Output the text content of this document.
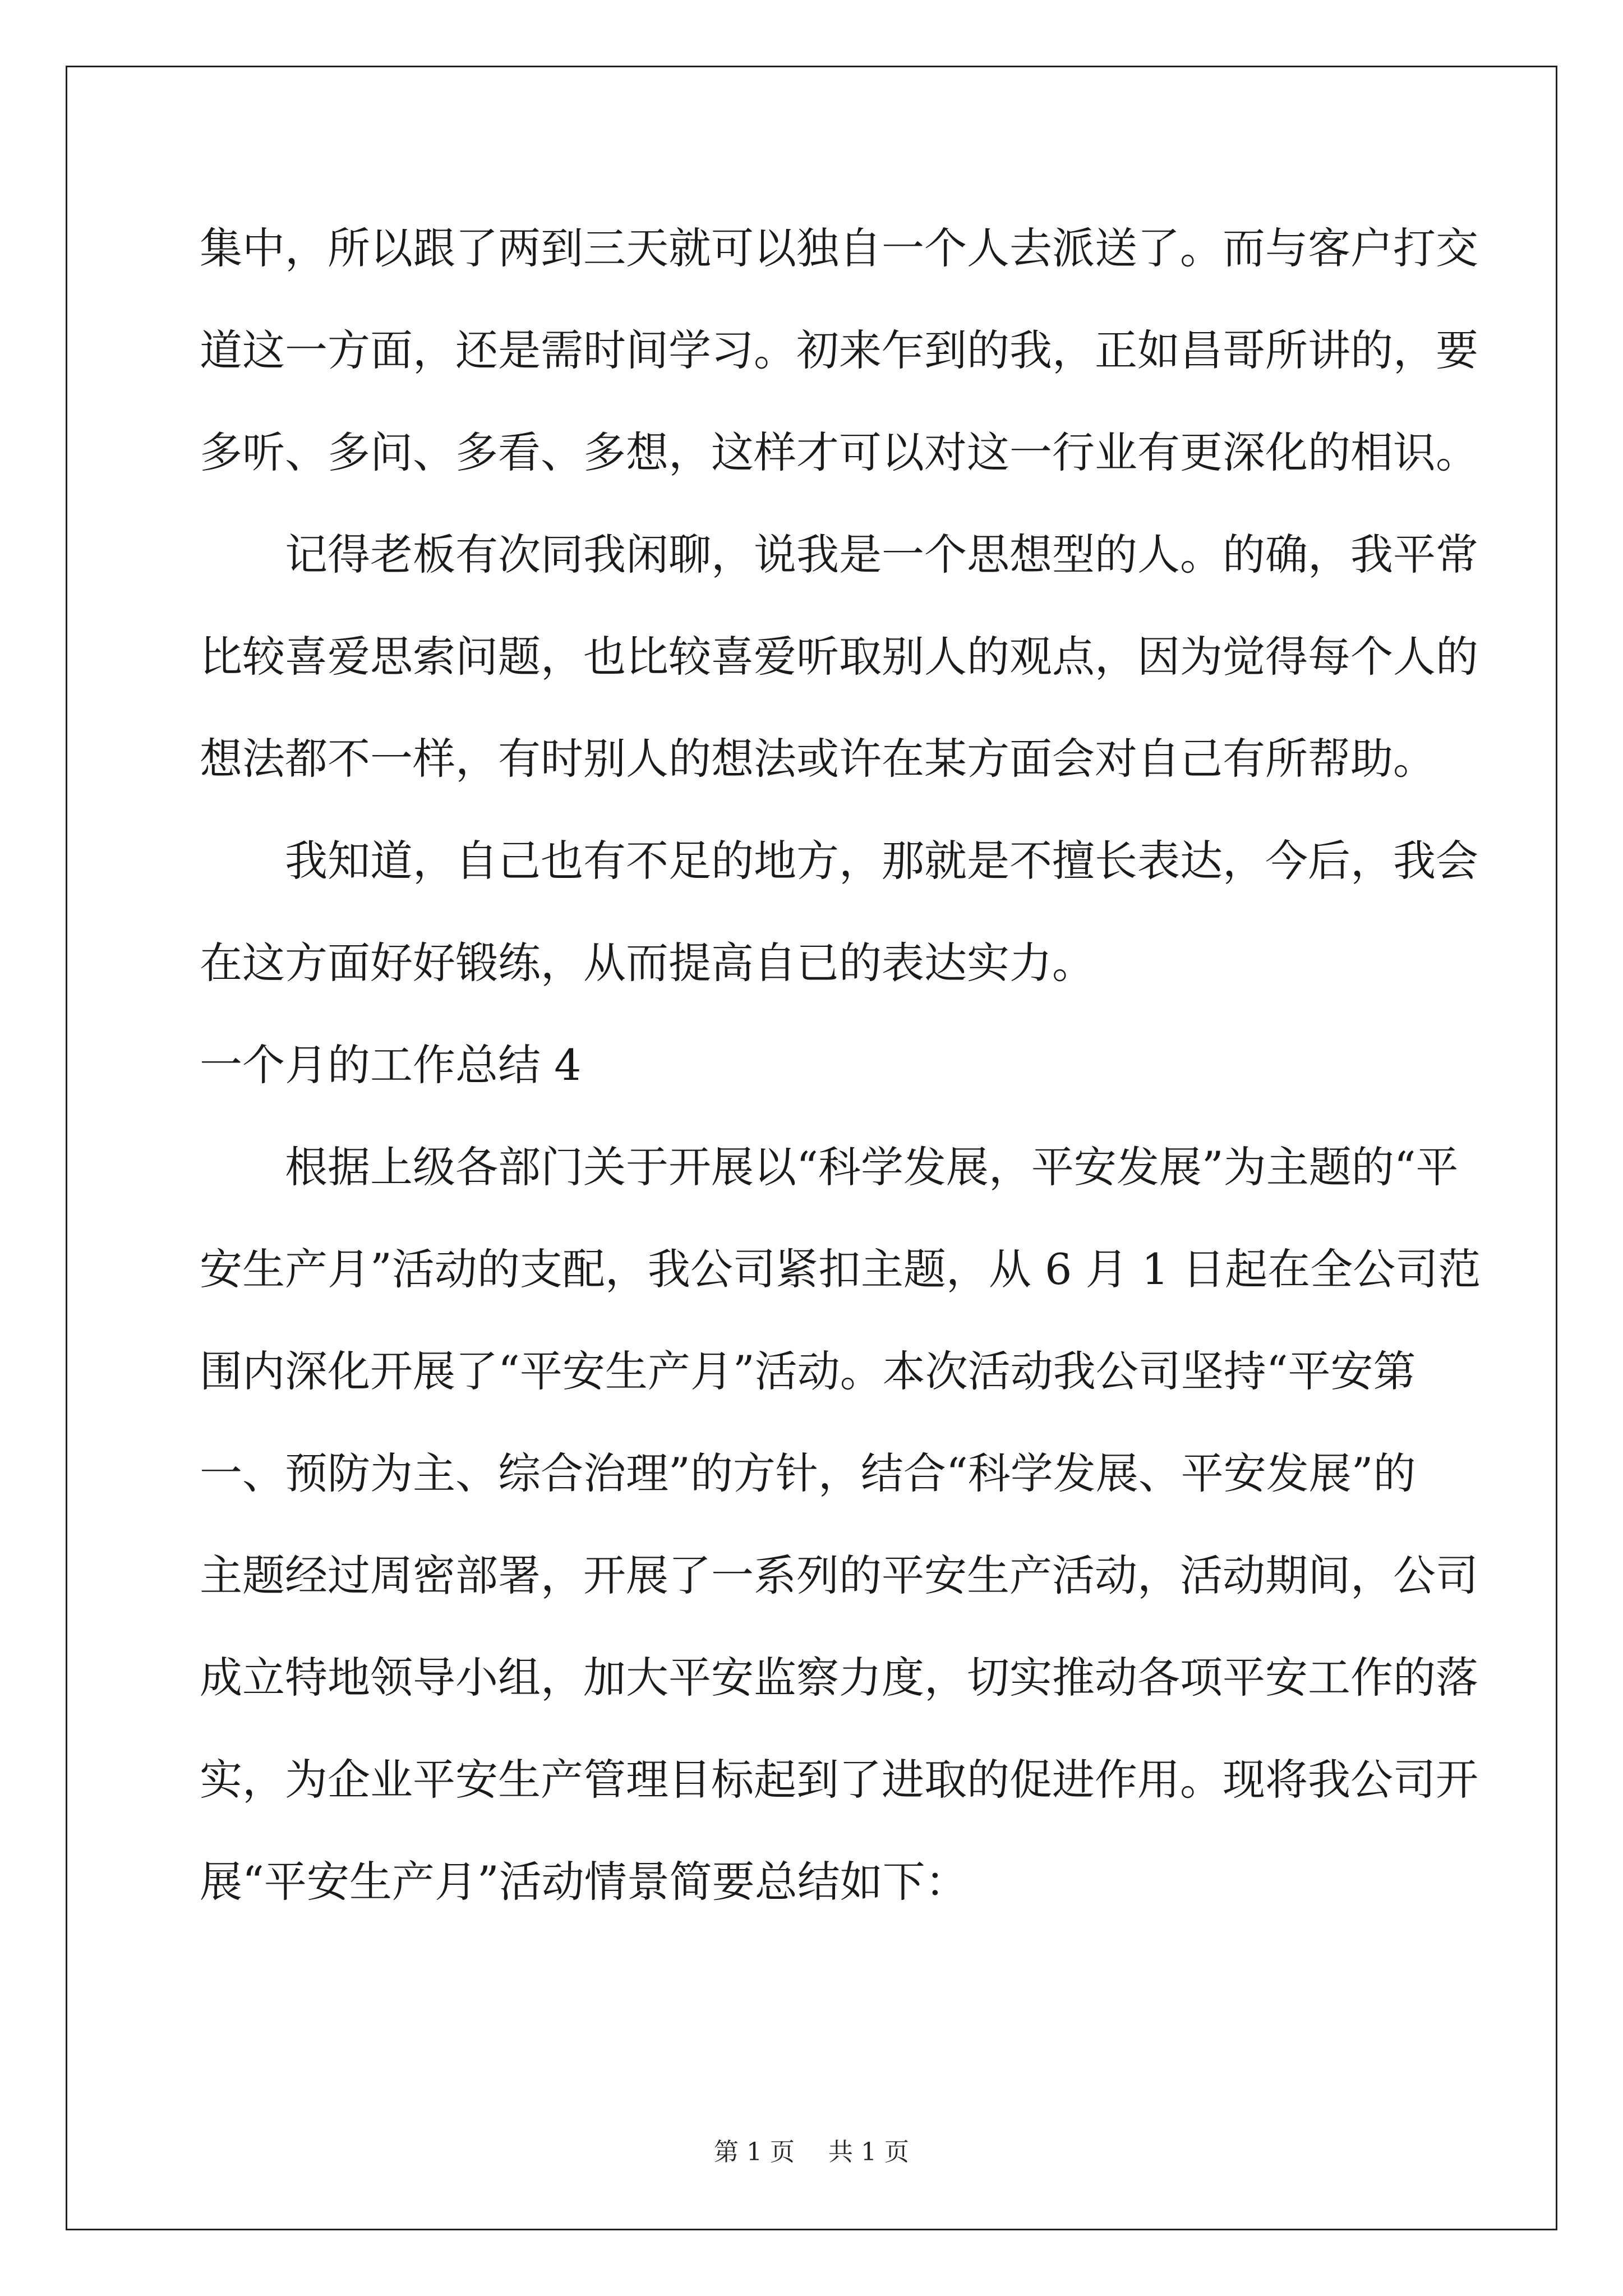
集中，所以跟了两到三天就可以独自一个人去派送了。而与客户打交
道这一方面，还是需时间学习。初来乍到的我，正如昌哥所讲的，要
多听、多问、多看、多想，这样才可以对这一行业有更深化的相识。
记得老板有次同我闲聊，说我是一个思想型的人。的确，我平常
比较喜爱思索问题，也比较喜爱听取别人的观点，因为觉得每个人的
想法都不一样，有时别人的想法或许在某方面会对自己有所帮助。
我知道，自己也有不足的地方，那就是不擅长表达，今后，我会
在这方面好好锻练，从而提高自已的表达实力。
一个月的工作总结 4
根据上级各部门关于开展以“科学发展，平安发展”为主题的“平
安生产月”活动的支配，我公司紧扣主题，从 6 月 1 日起在全公司范
围内深化开展了“平安生产月”活动。本次活动我公司坚持“平安第
一、预防为主、综合治理”的方针，结合“科学发展、平安发展”的
主题经过周密部署，开展了一系列的平安生产活动，活动期间，公司
成立特地领导小组，加大平安监察力度，切实推动各项平安工作的落
实，为企业平安生产管理目标起到了进取的促进作用。现将我公司开
展“平安生产月”活动情景简要总结如下：
第 1 页 共 1 页
